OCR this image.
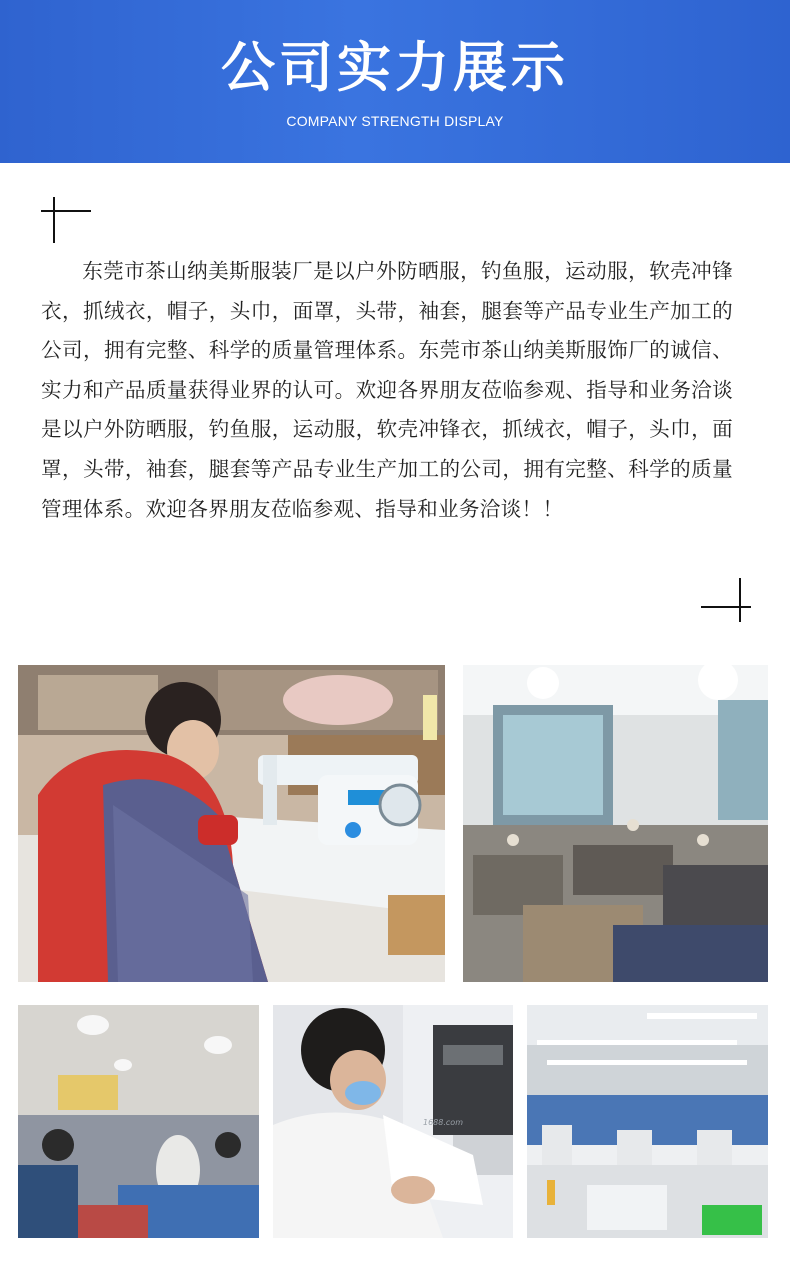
公司实力展示
COMPANY STRENGTH DISPLAY

东莞市茶山纳美斯服装厂是以户外防晒服，钓鱼服，运动服，软壳冲锋衣，抓绒衣，帽子，头巾，面罩，头带，袖套，腿套等产品专业生产加工的公司，拥有完整、科学的质量管理体系。东莞市茶山纳美斯服饰厂的诚信、实力和产品质量获得业界的认可。欢迎各界朋友莅临参观、指导和业务洽谈是以户外防晒服，钓鱼服，运动服，软壳冲锋衣，抓绒衣，帽子，头巾，面罩，头带，袖套，腿套等产品专业生产加工的公司，拥有完整、科学的质量管理体系。欢迎各界朋友莅临参观、指导和业务洽谈！！

1688.com
